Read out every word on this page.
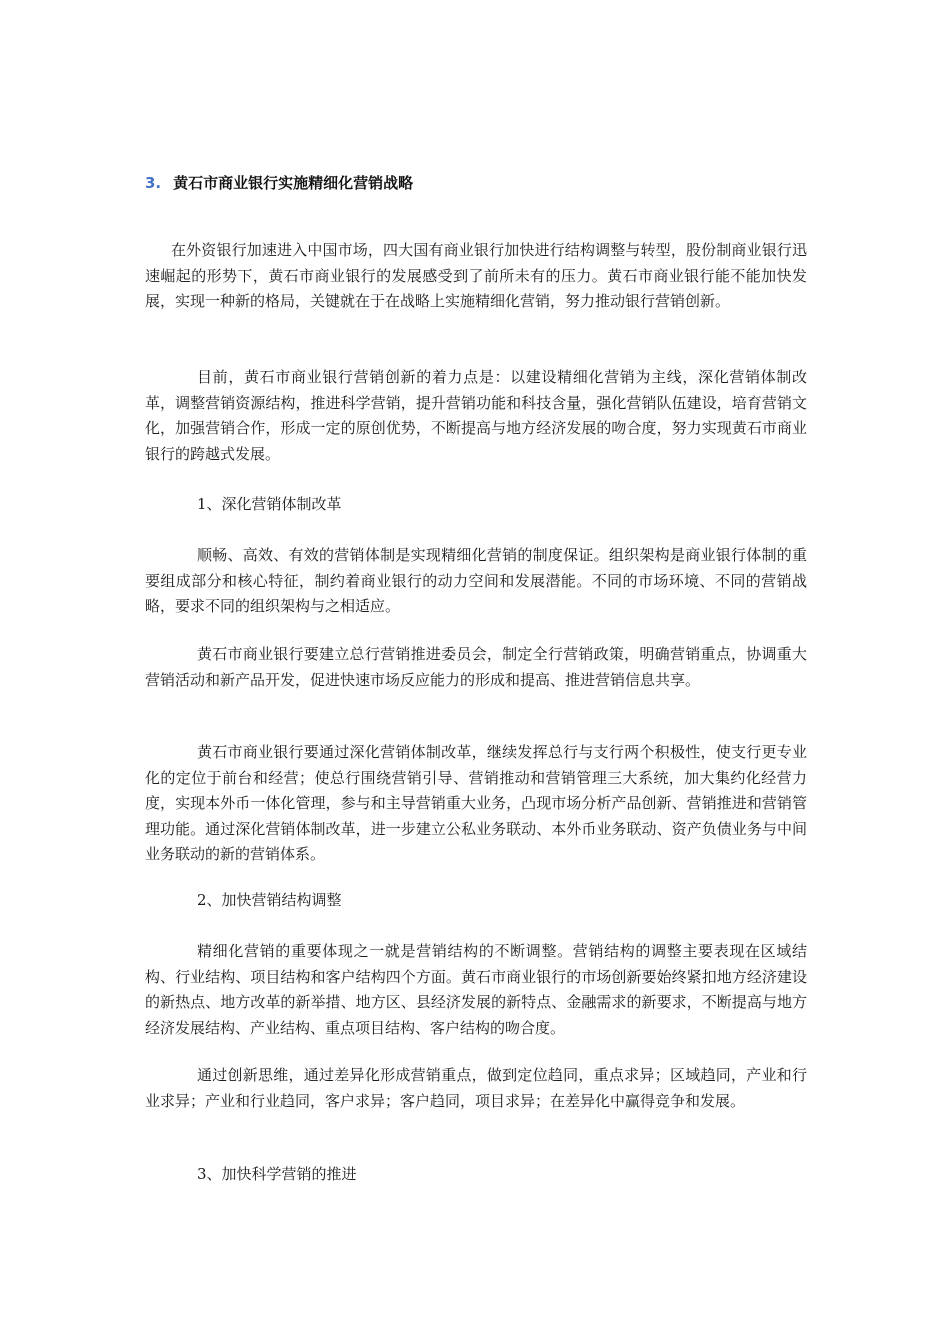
3. 黄石市商业银行实施精细化营销战略

在外资银行加速进入中国市场，四大国有商业银行加快进行结构调整与转型，股份制商业银行迅速崛起的形势下，黄石市商业银行的发展感受到了前所未有的压力。黄石市商业银行能不能加快发展，实现一种新的格局，关键就在于在战略上实施精细化营销，努力推动银行营销创新。

目前，黄石市商业银行营销创新的着力点是：以建设精细化营销为主线，深化营销体制改革，调整营销资源结构，推进科学营销，提升营销功能和科技含量，强化营销队伍建设，培育营销文化，加强营销合作，形成一定的原创优势，不断提高与地方经济发展的吻合度，努力实现黄石市商业银行的跨越式发展。

1、深化营销体制改革

顺畅、高效、有效的营销体制是实现精细化营销的制度保证。组织架构是商业银行体制的重要组成部分和核心特征，制约着商业银行的动力空间和发展潜能。不同的市场环境、不同的营销战略，要求不同的组织架构与之相适应。

黄石市商业银行要建立总行营销推进委员会，制定全行营销政策，明确营销重点，协调重大营销活动和新产品开发，促进快速市场反应能力的形成和提高、推进营销信息共享。

黄石市商业银行要通过深化营销体制改革，继续发挥总行与支行两个积极性，使支行更专业化的定位于前台和经营；使总行围绕营销引导、营销推动和营销管理三大系统，加大集约化经营力度，实现本外币一体化管理，参与和主导营销重大业务，凸现市场分析产品创新、营销推进和营销管理功能。通过深化营销体制改革，进一步建立公私业务联动、本外币业务联动、资产负债业务与中间业务联动的新的营销体系。

2、加快营销结构调整

精细化营销的重要体现之一就是营销结构的不断调整。营销结构的调整主要表现在区域结构、行业结构、项目结构和客户结构四个方面。黄石市商业银行的市场创新要始终紧扣地方经济建设的新热点、地方改革的新举措、地方区、县经济发展的新特点、金融需求的新要求，不断提高与地方经济发展结构、产业结构、重点项目结构、客户结构的吻合度。

通过创新思维，通过差异化形成营销重点，做到定位趋同，重点求异；区域趋同，产业和行业求异；产业和行业趋同，客户求异；客户趋同，项目求异；在差异化中赢得竞争和发展。

3、加快科学营销的推进
